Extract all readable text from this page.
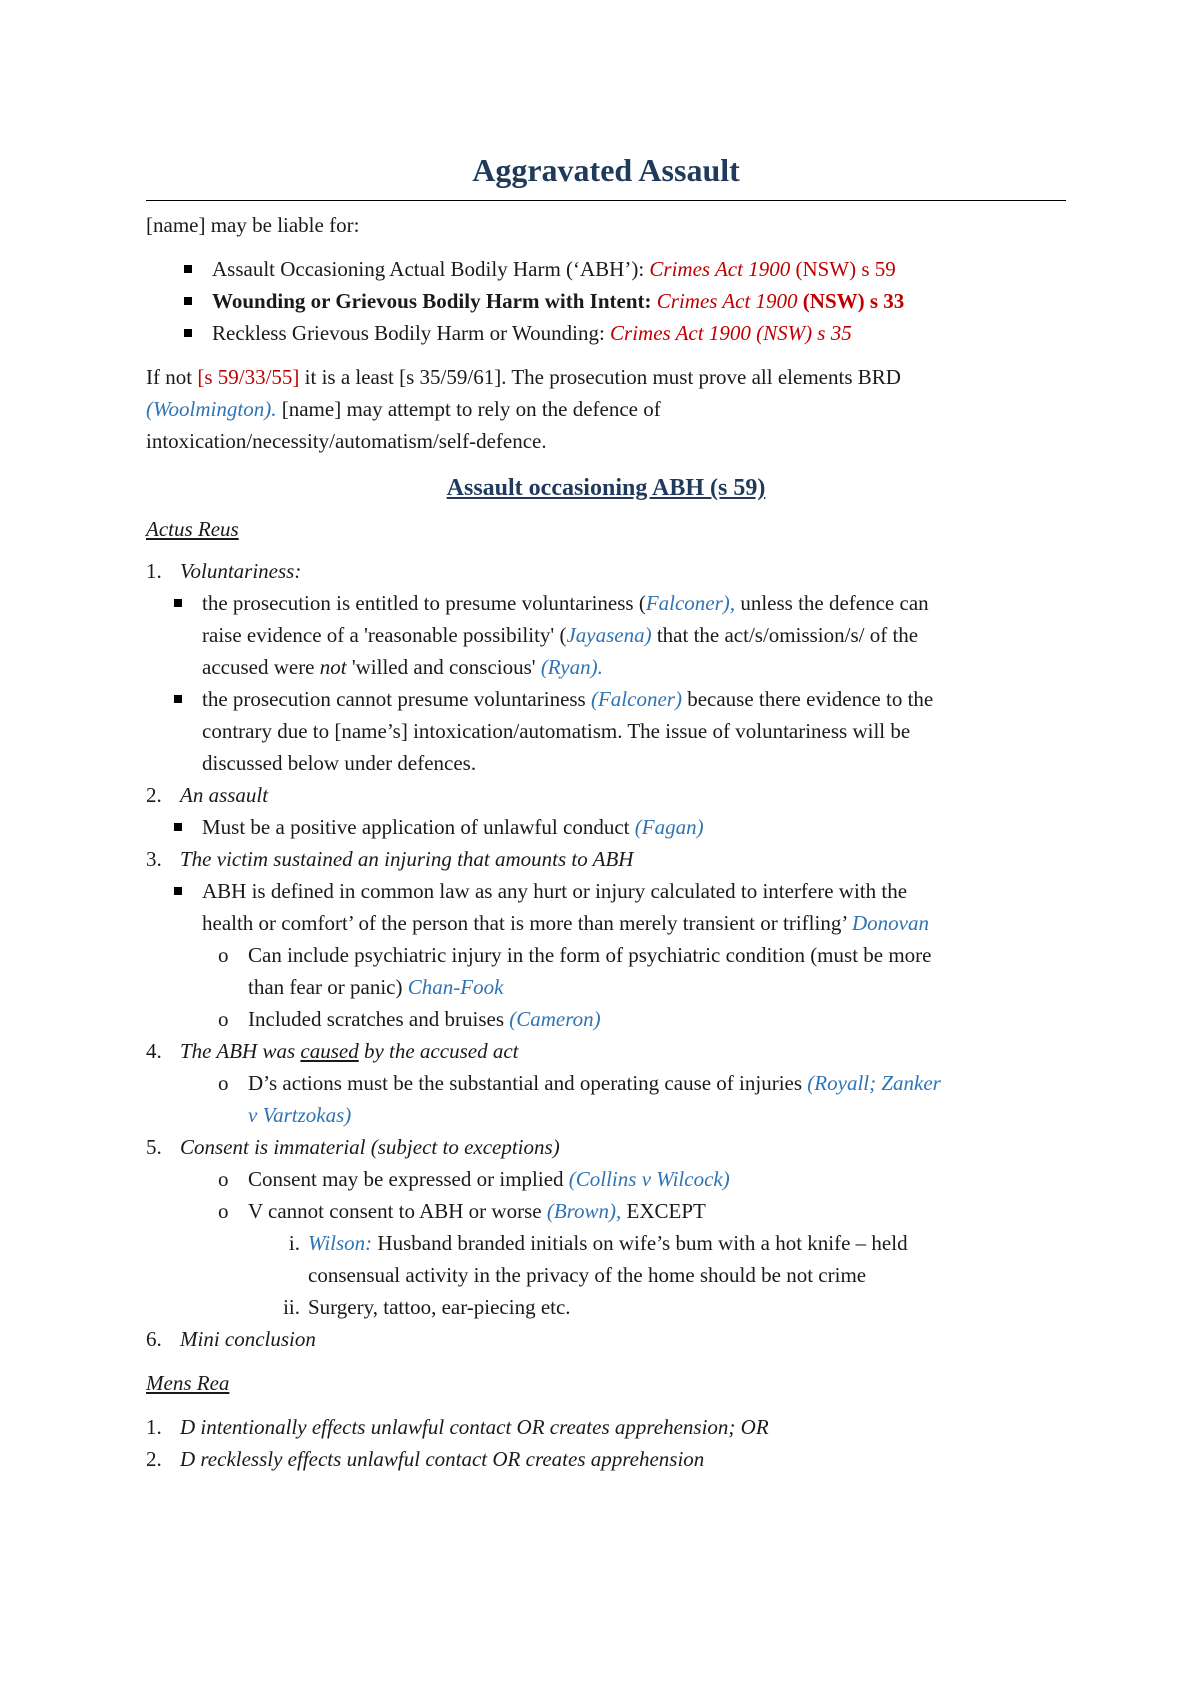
Aggravated Assault

[name] may be liable for:

Assault Occasioning Actual Bodily Harm (‘ABH’): Crimes Act 1900 (NSW) s 59

Wounding or Grievous Bodily Harm with Intent: Crimes Act 1900 (NSW) s 33

Reckless Grievous Bodily Harm or Wounding: Crimes Act 1900 (NSW) s 35

If not [s 59/33/55] it is a least [s 35/59/61]. The prosecution must prove all elements BRD

(Woolmington). [name] may attempt to rely on the defence of

intoxication/necessity/automatism/self-defence.

Assault occasioning ABH (s 59)

Actus Reus

1. Voluntariness:

the prosecution is entitled to presume voluntariness (Falconer), unless the defence can

raise evidence of a 'reasonable possibility' (Jayasena) that the act/s/omission/s/ of the

accused were not 'willed and conscious' (Ryan).

the prosecution cannot presume voluntariness (Falconer) because there evidence to the

contrary due to [name’s] intoxication/automatism. The issue of voluntariness will be

discussed below under defences.

2. An assault

Must be a positive application of unlawful conduct (Fagan)

3. The victim sustained an injuring that amounts to ABH

ABH is defined in common law as any hurt or injury calculated to interfere with the

health or comfort’ of the person that is more than merely transient or trifling’ Donovan

o Can include psychiatric injury in the form of psychiatric condition (must be more

than fear or panic) Chan-Fook

o Included scratches and bruises (Cameron)

4. The ABH was caused by the accused act

o D’s actions must be the substantial and operating cause of injuries (Royall; Zanker

v Vartzokas)

5. Consent is immaterial (subject to exceptions)

o Consent may be expressed or implied (Collins v Wilcock)

o V cannot consent to ABH or worse (Brown), EXCEPT

i. Wilson: Husband branded initials on wife’s bum with a hot knife – held

consensual activity in the privacy of the home should be not crime

ii. Surgery, tattoo, ear-piecing etc.

6. Mini conclusion

Mens Rea

1. D intentionally effects unlawful contact OR creates apprehension; OR

2. D recklessly effects unlawful contact OR creates apprehension
